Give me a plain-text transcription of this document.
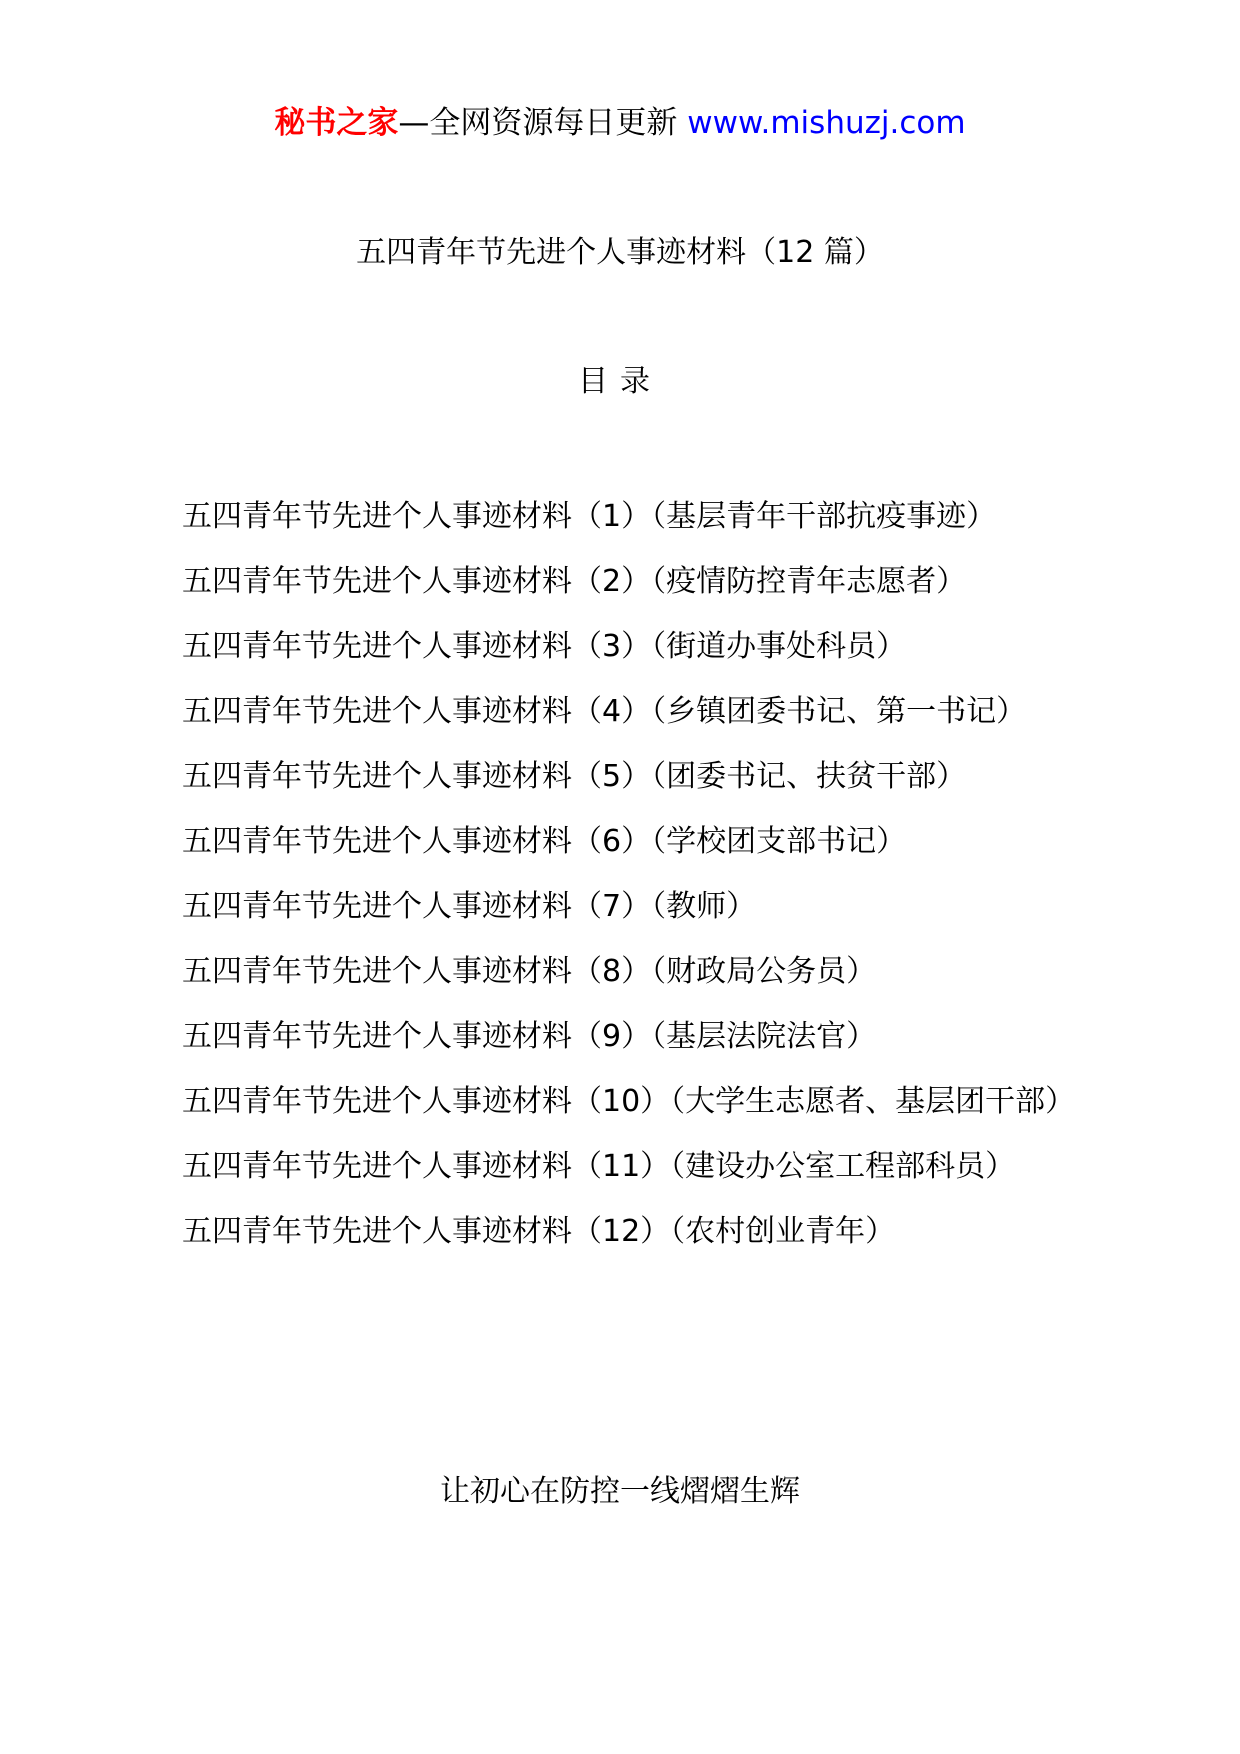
秘书之家—全网资源每日更新 www.mishuzj.com
五四青年节先进个人事迹材料（12 篇）
目录
五四青年节先进个人事迹材料（1）（基层青年干部抗疫事迹）
五四青年节先进个人事迹材料（2）（疫情防控青年志愿者）
五四青年节先进个人事迹材料（3）（街道办事处科员）
五四青年节先进个人事迹材料（4）（乡镇团委书记、第一书记）
五四青年节先进个人事迹材料（5）（团委书记、扶贫干部）
五四青年节先进个人事迹材料（6）（学校团支部书记）
五四青年节先进个人事迹材料（7）（教师）
五四青年节先进个人事迹材料（8）（财政局公务员）
五四青年节先进个人事迹材料（9）（基层法院法官）
五四青年节先进个人事迹材料（10）（大学生志愿者、基层团干部）
五四青年节先进个人事迹材料（11）（建设办公室工程部科员）
五四青年节先进个人事迹材料（12）（农村创业青年）
让初心在防控一线熠熠生辉
